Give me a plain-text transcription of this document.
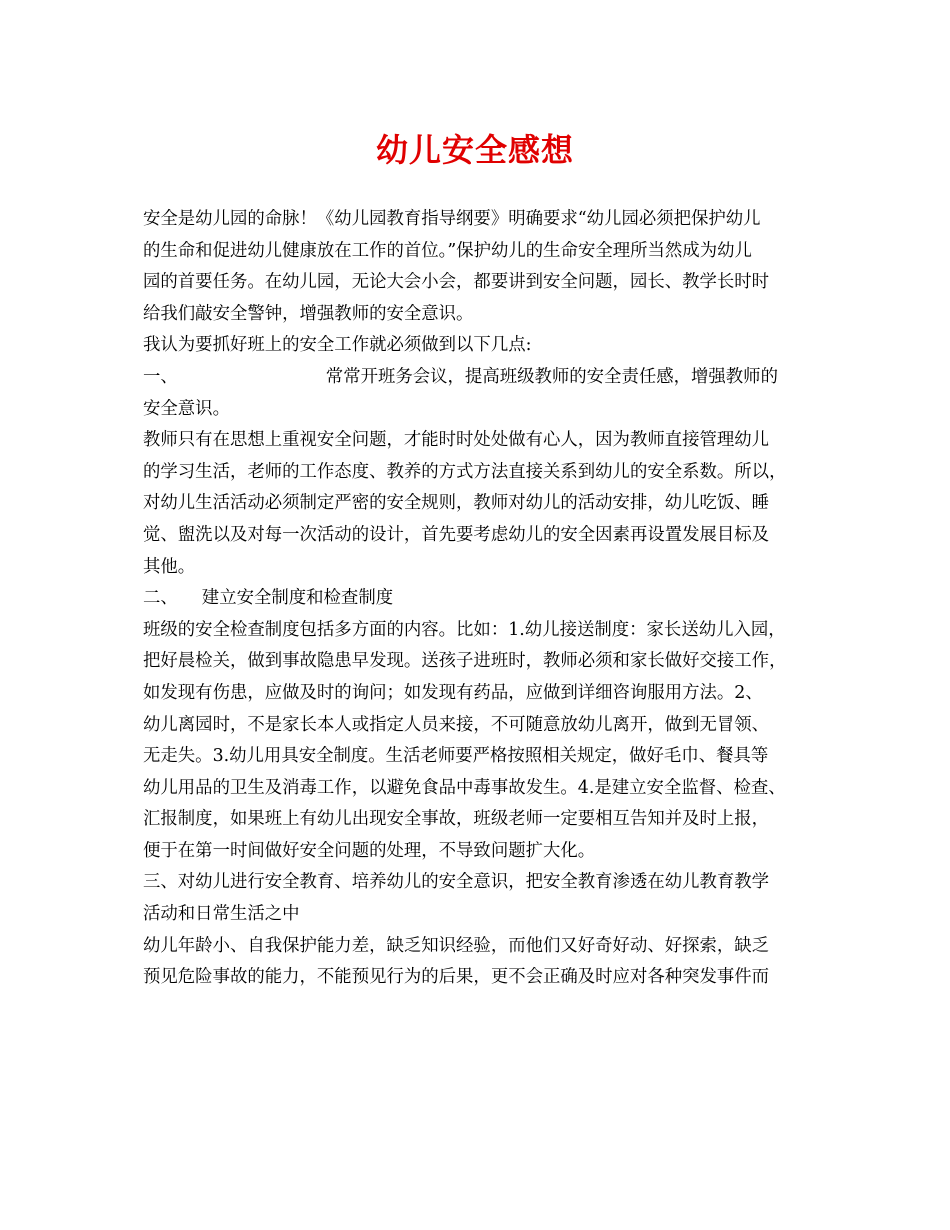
幼儿安全感想
安全是幼儿园的命脉！《幼儿园教育指导纲要》明确要求“幼儿园必须把保护幼儿
的生命和促进幼儿健康放在工作的首位。”保护幼儿的生命安全理所当然成为幼儿
园的首要任务。在幼儿园，无论大会小会，都要讲到安全问题，园长、教学长时时
给我们敲安全警钟，增强教师的安全意识。
我认为要抓好班上的安全工作就必须做到以下几点:
一、	常常开班务会议，提高班级教师的安全责任感，增强教师的
安全意识。
教师只有在思想上重视安全问题，才能时时处处做有心人，因为教师直接管理幼儿
的学习生活，老师的工作态度、教养的方式方法直接关系到幼儿的安全系数。所以，
对幼儿生活活动必须制定严密的安全规则，教师对幼儿的活动安排，幼儿吃饭、睡
觉、盥洗以及对每一次活动的设计，首先要考虑幼儿的安全因素再设置发展目标及
其他。
二、 建立安全制度和检查制度
班级的安全检查制度包括多方面的内容。比如：1.幼儿接送制度：家长送幼儿入园，
把好晨检关，做到事故隐患早发现。送孩子进班时，教师必须和家长做好交接工作，
如发现有伤患，应做及时的询问；如发现有药品，应做到详细咨询服用方法。2、
幼儿离园时，不是家长本人或指定人员来接，不可随意放幼儿离开，做到无冒领、
无走失。3.幼儿用具安全制度。生活老师要严格按照相关规定，做好毛巾、餐具等
幼儿用品的卫生及消毒工作，以避免食品中毒事故发生。4.是建立安全监督、检查、
汇报制度，如果班上有幼儿出现安全事故，班级老师一定要相互告知并及时上报，
便于在第一时间做好安全问题的处理，不导致问题扩大化。
三、对幼儿进行安全教育、培养幼儿的安全意识，把安全教育渗透在幼儿教育教学
活动和日常生活之中
幼儿年龄小、自我保护能力差，缺乏知识经验，而他们又好奇好动、好探索，缺乏
预见危险事故的能力，不能预见行为的后果，更不会正确及时应对各种突发事件而
